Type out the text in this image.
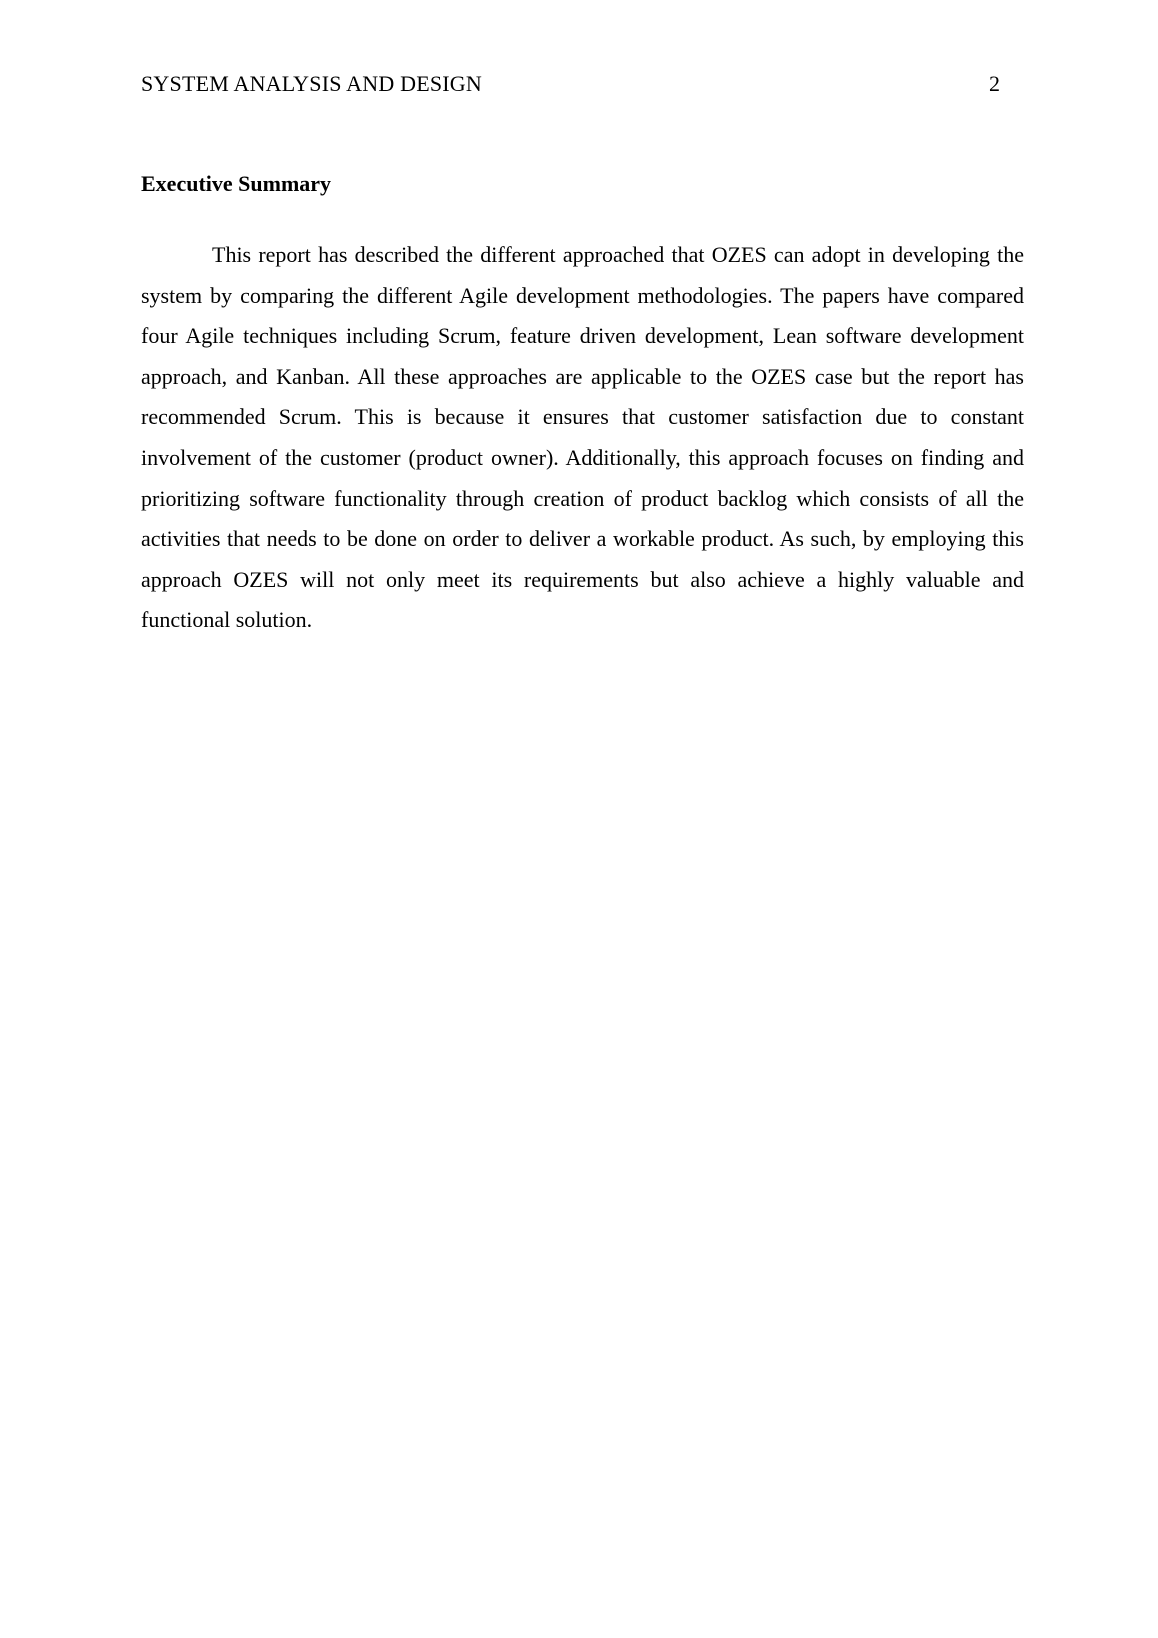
SYSTEM ANALYSIS AND DESIGN	2
Executive Summary

This report has described the different approached that OZES can adopt in developing the system by comparing the different Agile development methodologies. The papers have compared four Agile techniques including Scrum, feature driven development, Lean software development approach, and Kanban. All these approaches are applicable to the OZES case but the report has recommended Scrum. This is because it ensures that customer satisfaction due to constant involvement of the customer (product owner). Additionally, this approach focuses on finding and prioritizing software functionality through creation of product backlog which consists of all the activities that needs to be done on order to deliver a workable product. As such, by employing this approach OZES will not only meet its requirements but also achieve a highly valuable and functional solution.
